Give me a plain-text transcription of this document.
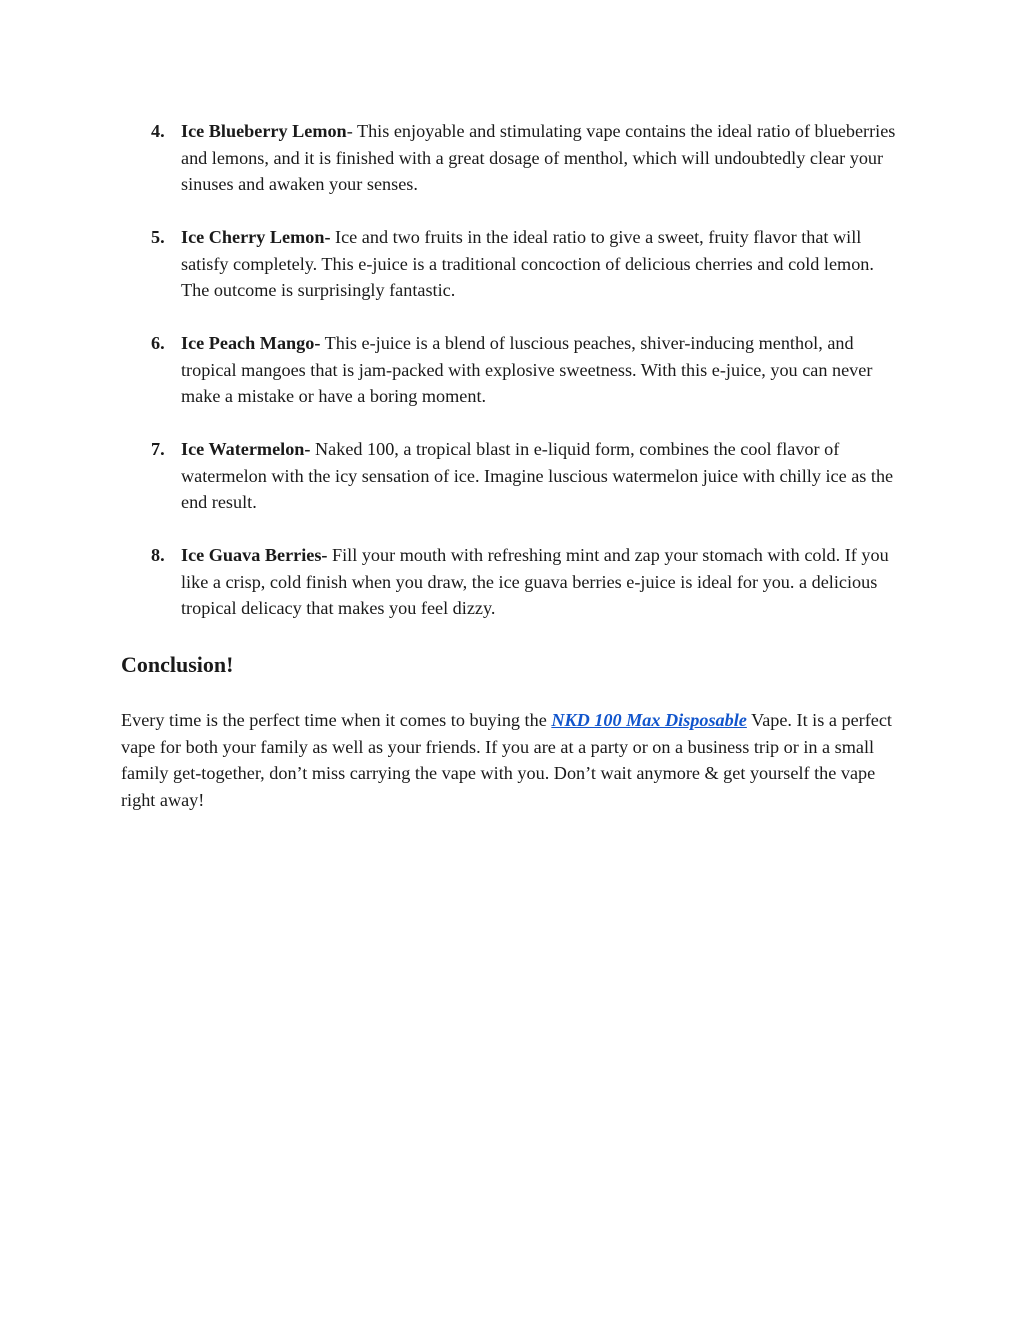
4. Ice Blueberry Lemon- This enjoyable and stimulating vape contains the ideal ratio of blueberries and lemons, and it is finished with a great dosage of menthol, which will undoubtedly clear your sinuses and awaken your senses.
5. Ice Cherry Lemon- Ice and two fruits in the ideal ratio to give a sweet, fruity flavor that will satisfy completely. This e-juice is a traditional concoction of delicious cherries and cold lemon. The outcome is surprisingly fantastic.
6. Ice Peach Mango- This e-juice is a blend of luscious peaches, shiver-inducing menthol, and tropical mangoes that is jam-packed with explosive sweetness. With this e-juice, you can never make a mistake or have a boring moment.
7. Ice Watermelon- Naked 100, a tropical blast in e-liquid form, combines the cool flavor of watermelon with the icy sensation of ice. Imagine luscious watermelon juice with chilly ice as the end result.
8. Ice Guava Berries- Fill your mouth with refreshing mint and zap your stomach with cold. If you like a crisp, cold finish when you draw, the ice guava berries e-juice is ideal for you. a delicious tropical delicacy that makes you feel dizzy.
Conclusion!

Every time is the perfect time when it comes to buying the NKD 100 Max Disposable Vape. It is a perfect vape for both your family as well as your friends. If you are at a party or on a business trip or in a small family get-together, don’t miss carrying the vape with you. Don’t wait anymore & get yourself the vape right away!
